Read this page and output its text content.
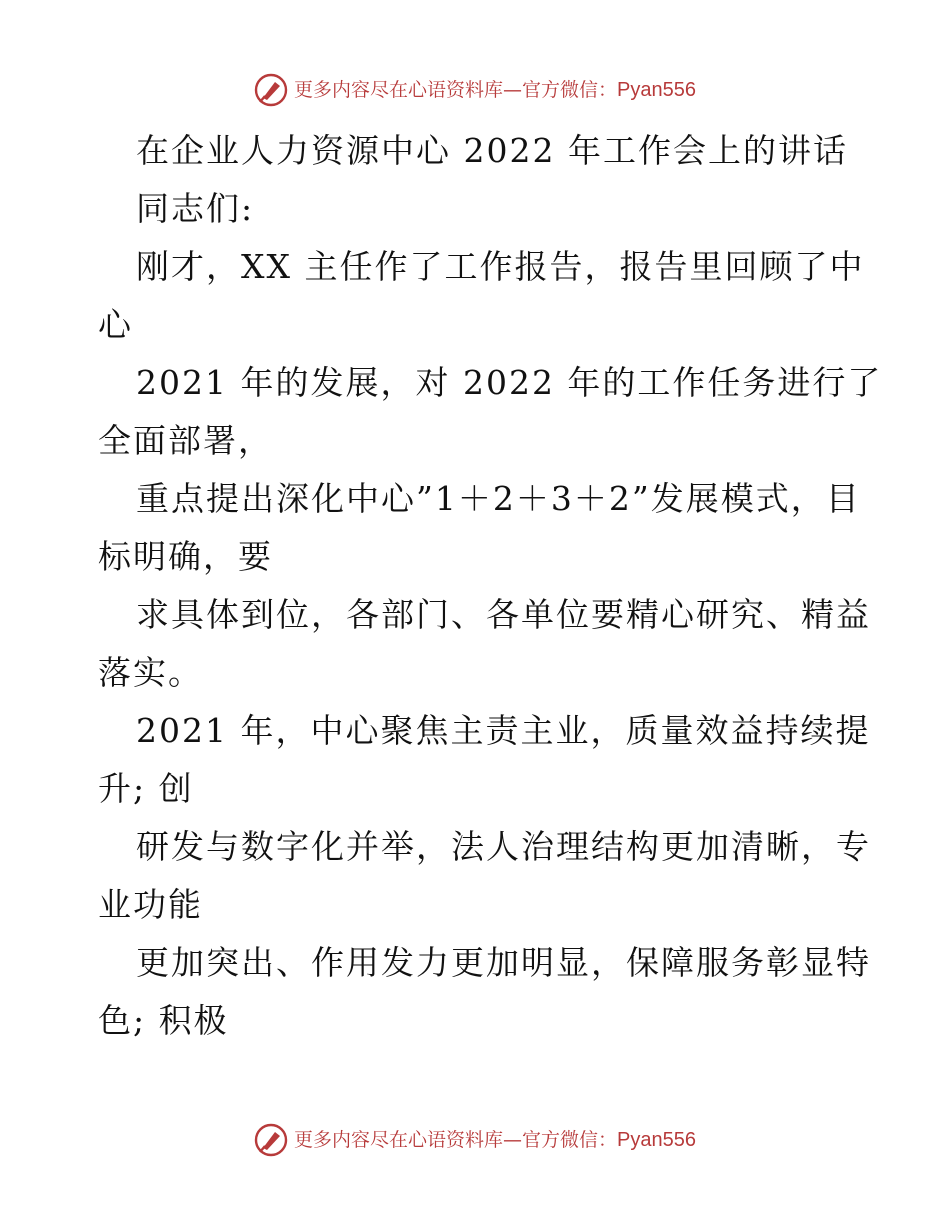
更多内容尽在心语资料库—官方微信： Pyan556

在企业人力资源中心 2022 年工作会上的讲话

同志们:

刚才，XX 主任作了工作报告，报告里回顾了中

心

2021 年的发展，对 2022 年的工作任务进行了

全面部署，

重点提出深化中心”1＋2＋3＋2”发展模式，目

标明确，要

求具体到位，各部门、各单位要精心研究、精益

落实。

2021 年，中心聚焦主责主业，质量效益持续提

升; 创

研发与数字化并举，法人治理结构更加清晰，专

业功能

更加突出、作用发力更加明显，保障服务彰显特

色; 积极

更多内容尽在心语资料库—官方微信： Pyan556
